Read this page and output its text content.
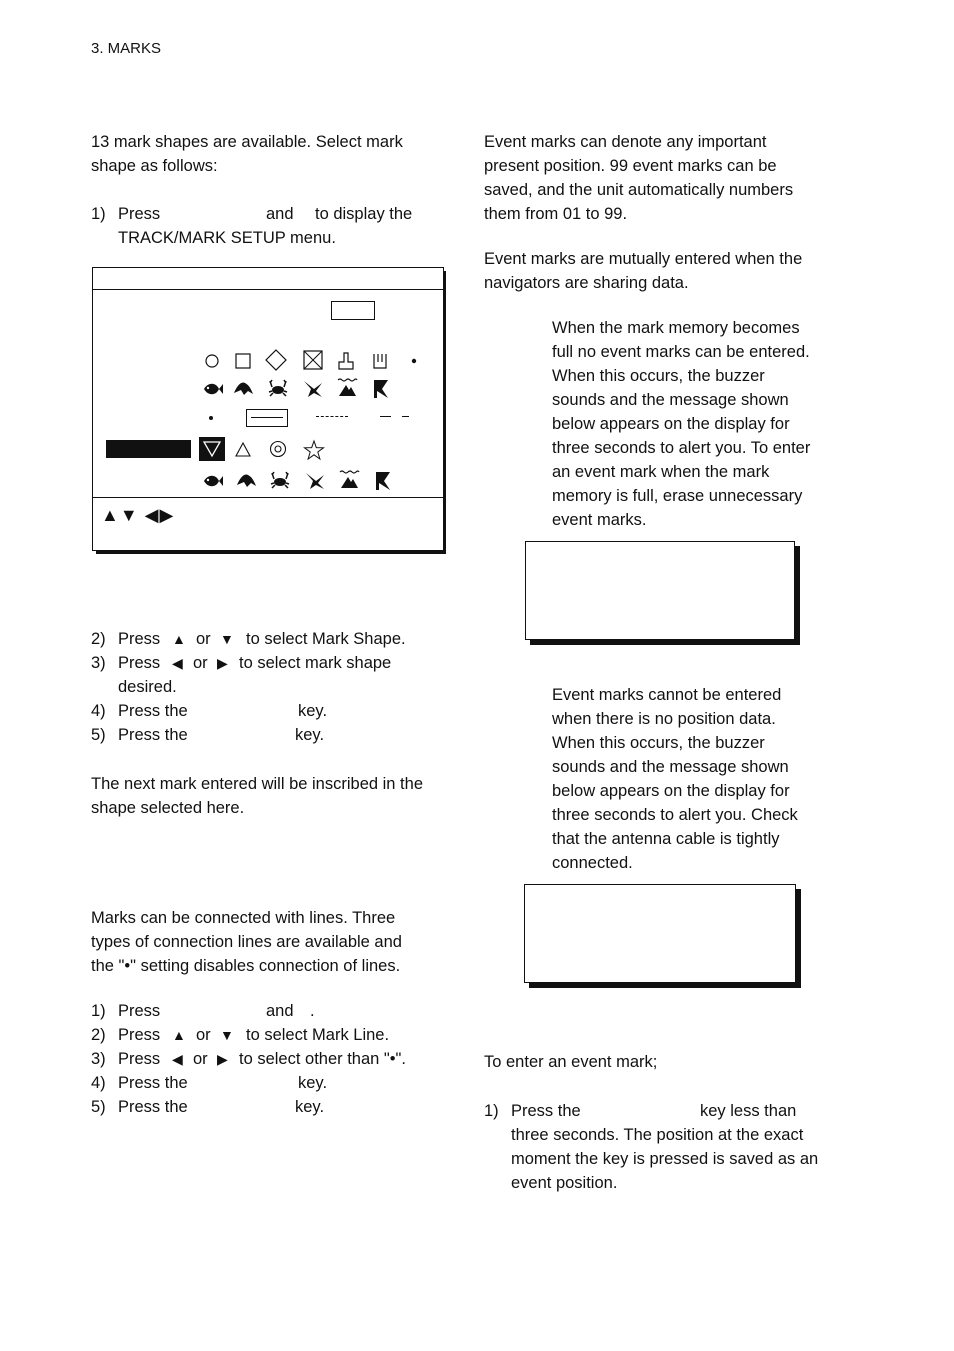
3. MARKS
13 mark shapes are available. Select mark
shape as follows:
1) Press	and to display the
TRACK/MARK SETUP menu.
▲▼ ◀▶
2) Press ▲ or ▼ to select Mark Shape.
3) Press ◀ or ▶ to select mark shape
desired.
4) Press the	key.
5) Press the	key.
The next mark entered will be inscribed in the
shape selected here.
Marks can be connected with lines. Three
types of connection lines are available and
the "•" setting disables connection of lines.
1) Press	and .
2) Press ▲ or ▼ to select Mark Line.
3) Press ◀ or ▶ to select other than "•".
4) Press the	key.
5) Press the	key.
Event marks can denote any important
present position. 99 event marks can be
saved, and the unit automatically numbers
them from 01 to 99.
Event marks are mutually entered when the
navigators are sharing data.
When the mark memory becomes
full no event marks can be entered.
When this occurs, the buzzer
sounds and the message shown
below appears on the display for
three seconds to alert you. To enter
an event mark when the mark
memory is full, erase unnecessary
event marks.
Event marks cannot be entered
when there is no position data.
When this occurs, the buzzer
sounds and the message shown
below appears on the display for
three seconds to alert you. Check
that the antenna cable is tightly
connected.
To enter an event mark;
1) Press the	key less than
three seconds. The position at the exact
moment the key is pressed is saved as an
event position.
